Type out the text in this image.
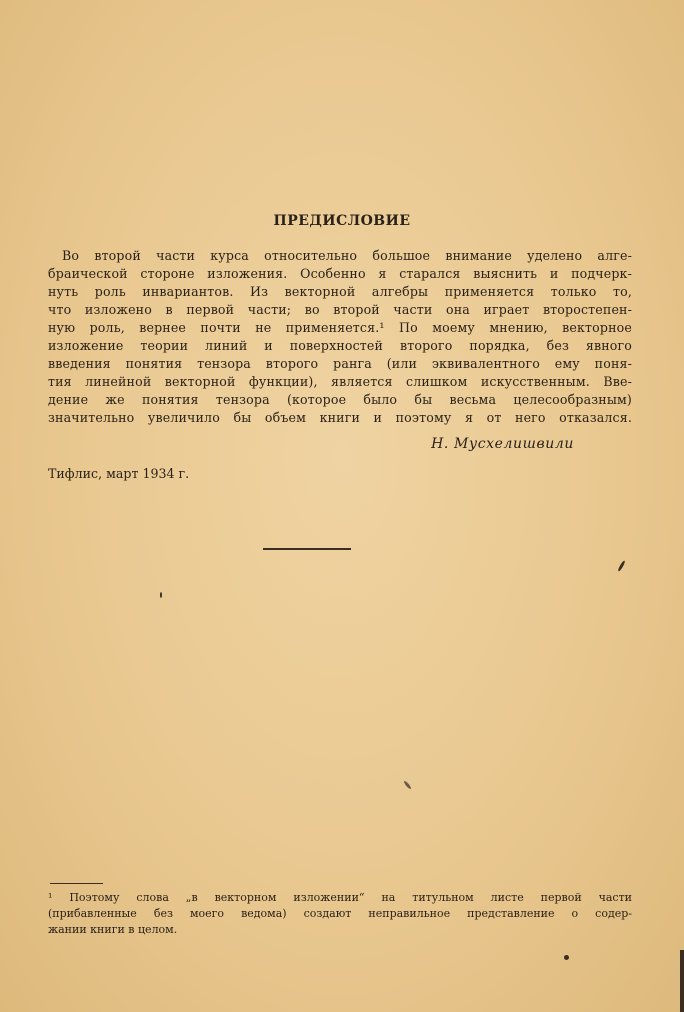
ПРЕДИСЛОВИЕ
Во второй части курса относительно большое внимание уделено алге-
браической стороне изложения. Особенно я старался выяснить и подчерк-
нуть роль инвариантов. Из векторной алгебры применяется только то,
что изложено в первой части; во второй части она играет второстепен-
ную роль, вернее почти не применяется.¹ По моему мнению, векторное
изложение теории линий и поверхностей второго порядка, без явного
введения понятия тензора второго ранга (или эквивалентного ему поня-
тия линейной векторной функции), является слишком искусственным. Вве-
дение же понятия тензора (которое было бы весьма целесообразным)
значительно увеличило бы объем книги и поэтому я от него отказался.
Н. Мусхелишвили
Тифлис, март 1934 г.
¹ Поэтому слова „в векторном изложении“ на титульном листе первой части
(прибавленные без моего ведома) создают неправильное представление о содер-
жании книги в целом.
